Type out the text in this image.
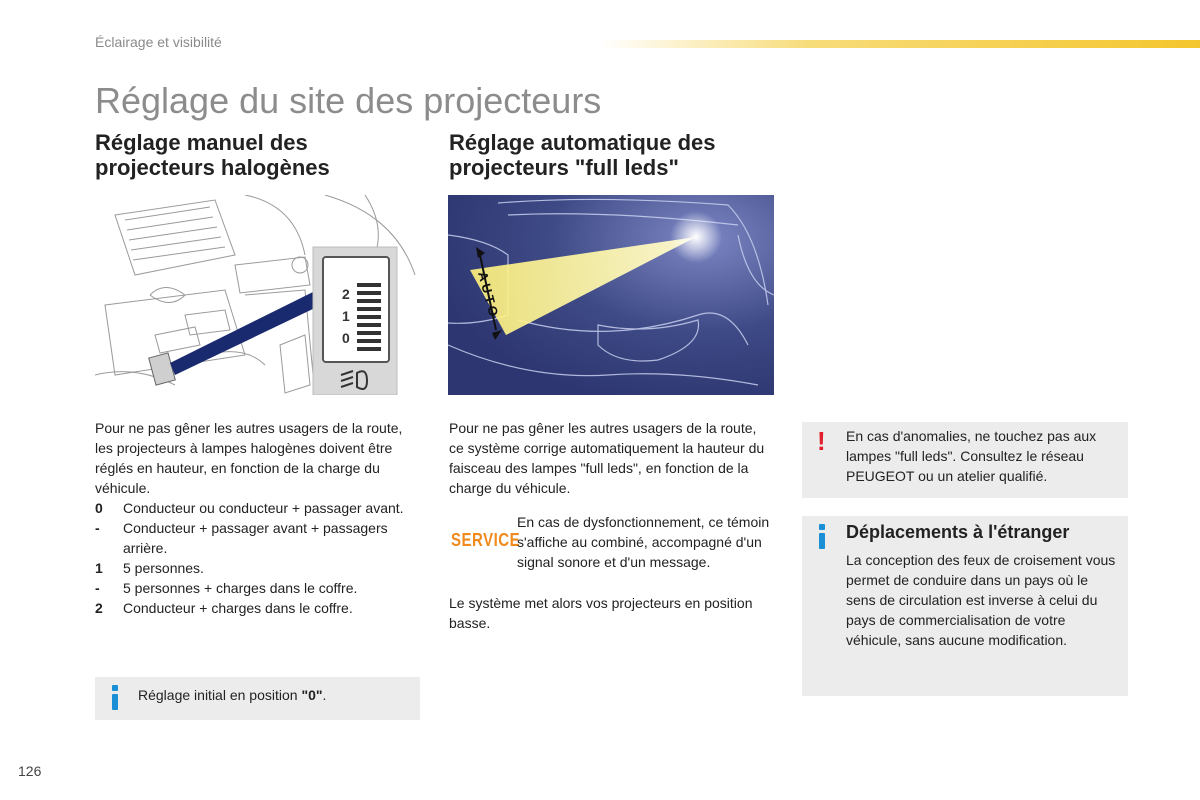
Éclairage et visibilité
Réglage du site des projecteurs
Réglage manuel des
projecteurs halogènes
2
1
0

Pour ne pas gêner les autres usagers de la route, les projecteurs à lampes halogènes doivent être réglés en hauteur, en fonction de la charge du véhicule.

0	Conducteur ou conducteur + passager avant.
-	Conducteur + passager avant + passagers arrière.
1	5 personnes.
-	5 personnes + charges dans le coffre.
2	Conducteur + charges dans le coffre.
Réglage initial en position "0".
Réglage automatique des
projecteurs "full leds"
AUTO
Pour ne pas gêner les autres usagers de la route, ce système corrige automatiquement la hauteur du faisceau des lampes "full leds", en fonction de la charge du véhicule.
SERVICE
En cas de dysfonctionnement, ce témoin s'affiche au combiné, accompagné d'un signal sonore et d'un message.
Le système met alors vos projecteurs en position basse.
! En cas d'anomalies, ne touchez pas aux lampes "full leds". Consultez le réseau PEUGEOT ou un atelier qualifié.
Déplacements à l'étranger
La conception des feux de croisement vous permet de conduire dans un pays où le sens de circulation est inverse à celui du pays de commercialisation de votre véhicule, sans aucune modification.
126
